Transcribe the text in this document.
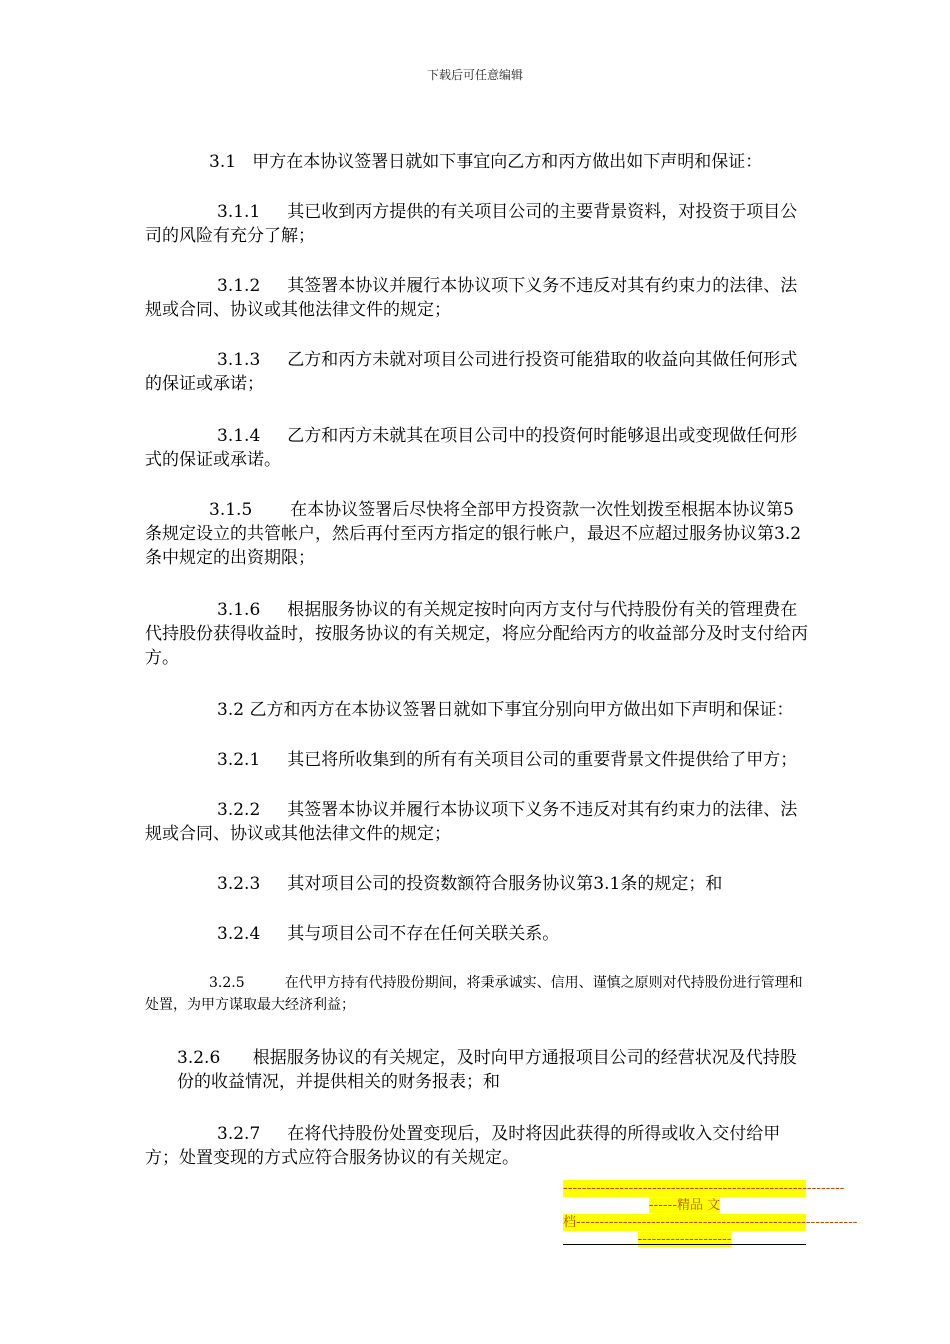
下载后可任意编辑

3.1 甲方在本协议签署日就如下事宜向乙方和丙方做出如下声明和保证：

3.1.1 其已收到丙方提供的有关项目公司的主要背景资料，对投资于项目公司的风险有充分了解；

3.1.2 其签署本协议并履行本协议项下义务不违反对其有约束力的法律、法规或合同、协议或其他法律文件的规定；

3.1.3 乙方和丙方未就对项目公司进行投资可能猎取的收益向其做任何形式的保证或承诺；

3.1.4 乙方和丙方未就其在项目公司中的投资何时能够退出或变现做任何形式的保证或承诺。

3.1.5 在本协议签署后尽快将全部甲方投资款一次性划拨至根据本协议第5条规定设立的共管帐户，然后再付至丙方指定的银行帐户，最迟不应超过服务协议第3.2条中规定的出资期限；

3.1.6 根据服务协议的有关规定按时向丙方支付与代持股份有关的管理费在代持股份获得收益时，按服务协议的有关规定，将应分配给丙方的收益部分及时支付给丙方。

3.2 乙方和丙方在本协议签署日就如下事宜分别向甲方做出如下声明和保证：

3.2.1 其已将所收集到的所有有关项目公司的重要背景文件提供给了甲方；

3.2.2 其签署本协议并履行本协议项下义务不违反对其有约束力的法律、法规或合同、协议或其他法律文件的规定；

3.2.3 其对项目公司的投资数额符合服务协议第3.1条的规定；和

3.2.4 其与项目公司不存在任何关联关系。

3.2.5	在代甲方持有代持股份期间，将秉承诚实、信用、谨慎之原则对代持股份进行管理和处置，为甲方谋取最大经济利益；

3.2.6 根据服务协议的有关规定，及时向甲方通报项目公司的经营状况及代持股份的收益情况，并提供相关的财务报表；和

3.2.7 在将代持股份处置变现后，及时将因此获得的所得或收入交付给甲方；处置变现的方式应符合服务协议的有关规定。

------------------------------------------------------------
------精品 文
档------------------------------------------------------------
--------------------
